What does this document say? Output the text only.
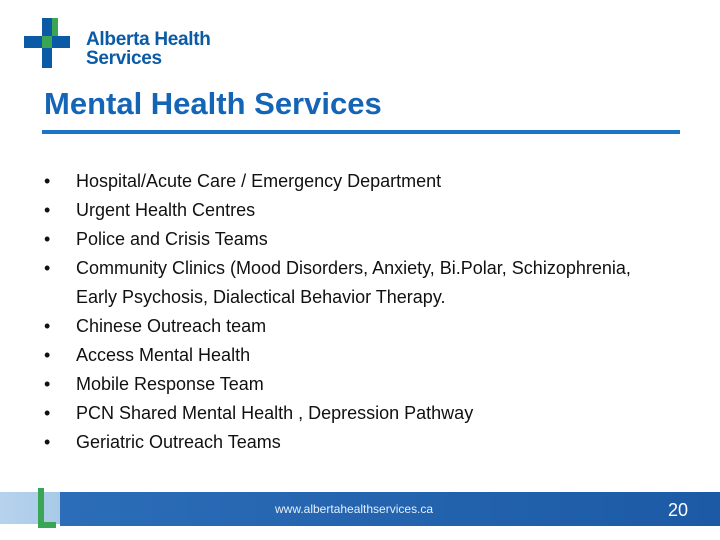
Alberta Health
Services
Mental Health Services
• Hospital/Acute Care / Emergency Department
• Urgent Health Centres
• Police and Crisis Teams
• Community Clinics (Mood Disorders, Anxiety, Bi.Polar, Schizophrenia, Early Psychosis, Dialectical Behavior Therapy.
• Chinese Outreach team
• Access Mental Health
• Mobile Response Team
• PCN Shared Mental Health , Depression Pathway
• Geriatric Outreach Teams
www.albertahealthservices.ca	20
